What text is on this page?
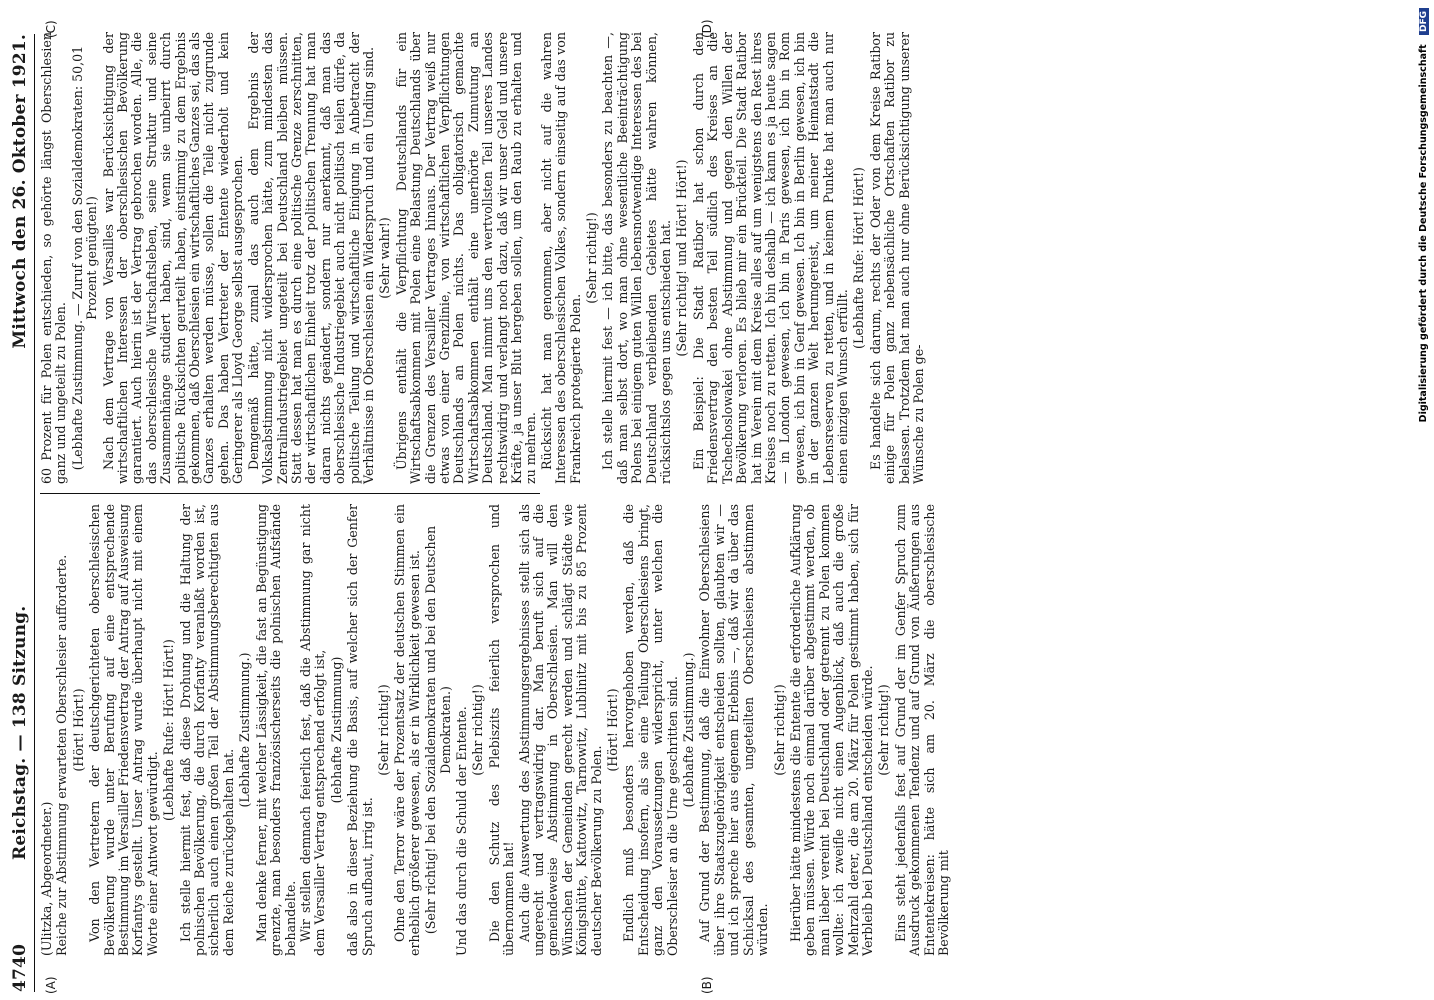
4740
Reichstag. — 138 Sitzung.
Mittwoch den 26. Oktober 1921.
(A)	(B)
(C)	(D)

(Ulitzka, Abgeordneter.) Reiche zur Abstimmung erwarteten Oberschlesier aufforderte. (Hört! Hört!) Von den Vertretern der deutschgerichteten oberschlesischen Bevölkerung wurde unter Berufung auf eine entsprechende Bestimmung im Versailler Friedensvertrag der Antrag auf Ausweisung Korfantys gestellt. Unser Antrag wurde überhaupt nicht mit einem Worte einer Antwort gewürdigt.

(Lebhafte Rufe: Hört! Hört!) Ich stelle hiermit fest, daß diese Drohung und die Haltung der polnischen Bevölkerung, die durch Korfanty veranlaßt worden ist, sicherlich auch einen großen Teil der Abstimmungsberechtigten aus dem Reiche zurückgehalten hat.

(Lebhafte Zustimmung.) Man denke ferner, mit welcher Lässigkeit, die fast an Begünstigung grenzte, man besonders französischerseits die polnischen Aufstände behandelte. Wir stellen demnach feierlich fest, daß die Abstimmung gar nicht dem Versailler Vertrag entsprechend erfolgt ist, (lebhafte Zustimmung) daß also in dieser Beziehung die Basis, auf welcher sich der Genfer Spruch aufbaut, irrig ist.

(Sehr richtig!) Ohne den Terror wäre der Prozentsatz der deutschen Stimmen ein erheblich größerer gewesen, als er in Wirklichkeit gewesen ist. (Sehr richtig! bei den Sozialdemokraten und bei den Deutschen Demokraten.) Und das durch die Schuld der Entente. (Sehr richtig!) Die den Schutz des Plebiszits feierlich versprochen und übernommen hat! Auch die Auswertung des Abstimmungsergebnisses stellt sich als ungerecht und vertragswidrig dar. Man beruft sich auf die gemeindeweise Abstimmung in Oberschlesien. Man will den Wünschen der Gemeinden gerecht werden und schlägt Städte wie Königshütte, Kattowitz, Tarnowitz, Lublinitz mit bis zu 85 Prozent deutscher Bevölkerung zu Polen.

(Hört! Hört!) Endlich muß besonders hervorgehoben werden, daß die Entscheidung insofern, als sie eine Teilung Oberschlesiens bringt, ganz den Voraussetzungen widerspricht, unter welchen die Oberschlesier an die Urne geschritten sind. (Lebhafte Zustimmung.) Auf Grund der Bestimmung, daß die Einwohner Oberschlesiens über ihre Staatszugehörigkeit entscheiden sollten, glaubten wir — und ich spreche hier aus eigenem Erlebnis —, daß wir da über das Schicksal des gesamten, ungeteilten Oberschlesiens abstimmen würden.

(Sehr richtig!) Hierüber hätte mindestens die Entente die erforderliche Aufklärung geben müssen. Würde noch einmal darüber abgestimmt werden, ob man lieber vereint bei Deutschland oder getrennt zu Polen kommen wollte: ich zweifle nicht einen Augenblick, daß auch die große Mehrzahl derer, die am 20. März für Polen gestimmt haben, sich für Verbleib bei Deutschland entscheiden würde. (Sehr richtig!) Eins steht jedenfalls fest auf Grund der im Genfer Spruch zum Ausdruck gekommenen Tendenz und auf Grund von Äußerungen aus Ententekreisen: hätte sich am 20. März die oberschlesische Bevölkerung mit

60 Prozent für Polen entschieden, so gehörte längst Oberschlesien ganz und ungeteilt zu Polen. (Lebhafte Zustimmung. — Zuruf von den Sozialdemokraten: 50,01 Prozent genügten!) Nach dem Vertrage von Versailles war Berücksichtigung der wirtschaftlichen Interessen der oberschlesischen Bevölkerung garantiert. Auch hierin ist der Vertrag gebrochen worden. Alle, die das oberschlesische Wirtschaftsleben, seine Struktur und seine Zusammenhänge studiert haben, sind, wenn sie unbeirrt durch politische Rücksichten geurteilt haben, einstimmig zu dem Ergebnis gekommen, daß Oberschlesien ein wirtschaftliches Ganzes sei, das als Ganzes erhalten werden müsse, sollen die Teile nicht zugrunde gehen. Das haben Vertreter der Entente wiederholt und kein Geringerer als Lloyd George selbst ausgesprochen. Demgemäß hätte, zumal das auch dem Ergebnis der Volksabstimmung nicht widersprochen hätte, zum mindesten das Zentralindustriegebiet ungeteilt bei Deutschland bleiben müssen. Statt dessen hat man es durch eine politische Grenze zerschnitten, der wirtschaftlichen Einheit trotz der politischen Trennung hat man daran nichts geändert, sondern nur anerkannt, daß man das oberschlesische Industriegebiet auch nicht politisch teilen dürfe, da politische Teilung und wirtschaftliche Einigung in Anbetracht der Verhältnisse in Oberschlesien ein Widerspruch und ein Unding sind. (Sehr wahr!) Übrigens enthält die Verpflichtung Deutschlands für ein Wirtschaftsabkommen mit Polen eine Belastung Deutschlands über die Grenzen des Versailler Vertrages hinaus. Der Vertrag weiß nur etwas von einer Grenzlinie, von wirtschaftlichen Verpflichtungen Deutschlands an Polen nichts. Das obligatorisch gemachte Wirtschaftsabkommen enthält eine unerhörte Zumutung an Deutschland. Man nimmt uns den wertvollsten Teil unseres Landes rechtswidrig und verlangt noch dazu, daß wir unser Geld und unsere Kräfte, ja unser Blut hergeben sollen, um den Raub zu erhalten und zu mehren. Rücksicht hat man genommen, aber nicht auf die wahren Interessen des oberschlesischen Volkes, sondern einseitig auf das von Frankreich protegierte Polen.

(Sehr richtig!) Ich stelle hiermit fest — ich bitte, das besonders zu beachten —, daß man selbst dort, wo man ohne wesentliche Beeinträchtigung Polens bei einigem guten Willen lebensnotwendige Interessen des bei Deutschland verbleibenden Gebietes hätte wahren können, rücksichtslos gegen uns entschieden hat. (Sehr richtig! und Hört! Hört!) Ein Beispiel: Die Stadt Ratibor hat schon durch den Friedensvertrag den besten Teil südlich des Kreises an die Tschechoslowakei ohne Abstimmung und gegen den Willen der Bevölkerung verloren. Es blieb mir ein Brückteil. Die Stadt Ratibor hat im Verein mit dem Kreise alles auf um wenigstens den Rest ihres Kreises noch zu retten. Ich bin deshalb — ich kann es ja heute sagen — in London gewesen, ich bin in Paris gewesen, ich bin in Rom gewesen, ich bin in Genf gewesen. Ich bin in Berlin gewesen, ich bin in der ganzen Welt herumgereist, um meiner Heimatstadt die Lebensreserven zu retten, und in keinem Punkte hat man auch nur einen einzigen Wunsch erfüllt.

(Lebhafte Rufe: Hört! Hört!) Es handelte sich darum, rechts der Oder von dem Kreise Ratibor einige für Polen ganz nebensächliche Ortschaften Ratibor zu belassen. Trotzdem hat man auch nur ohne Berücksichtigung unserer Wünsche zu Polen ge-	Digitalisierung gefördert durch die Deutsche Forschungsgemeinschaft DFG
